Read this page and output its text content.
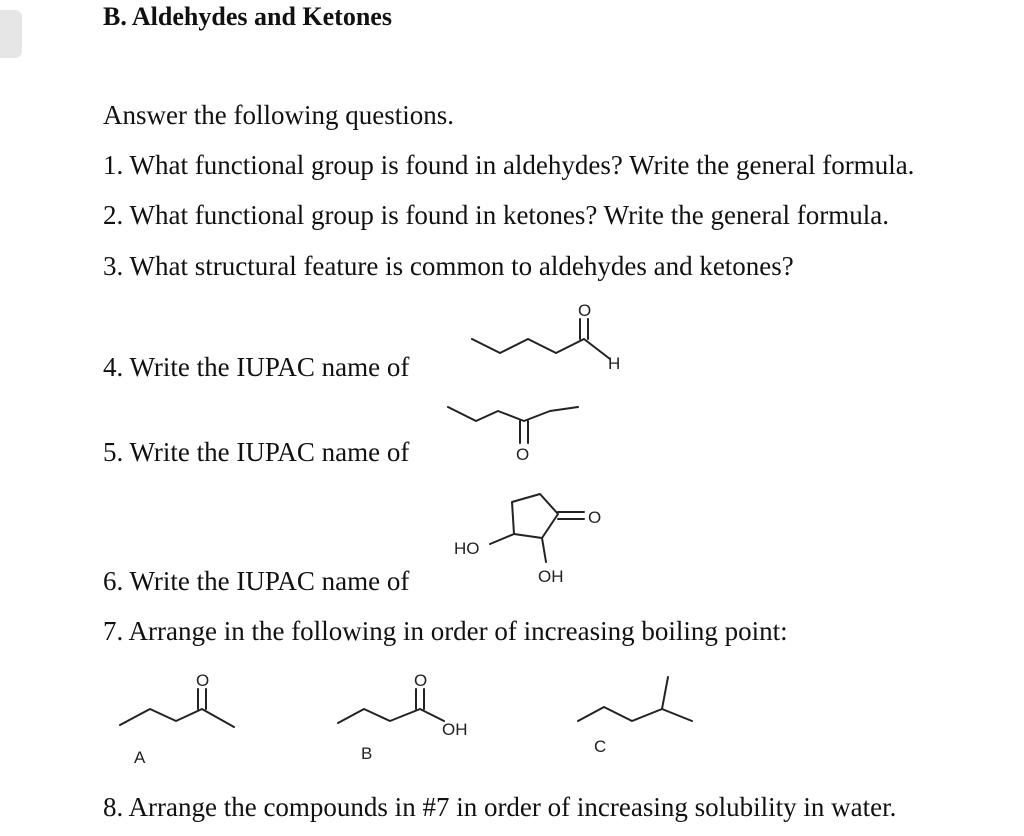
B. Aldehydes and Ketones
Answer the following questions.
1. What functional group is found in aldehydes? Write the general formula.
2. What functional group is found in ketones? Write the general formula.
3. What structural feature is common to aldehydes and ketones?
4. Write the IUPAC name of
5. Write the IUPAC name of
6. Write the IUPAC name of
7. Arrange in the following in order of increasing boiling point:
8. Arrange the compounds in #7 in order of increasing solubility in water.
O
H
O
O
HO
OH
O
A
O
OH
B	C
